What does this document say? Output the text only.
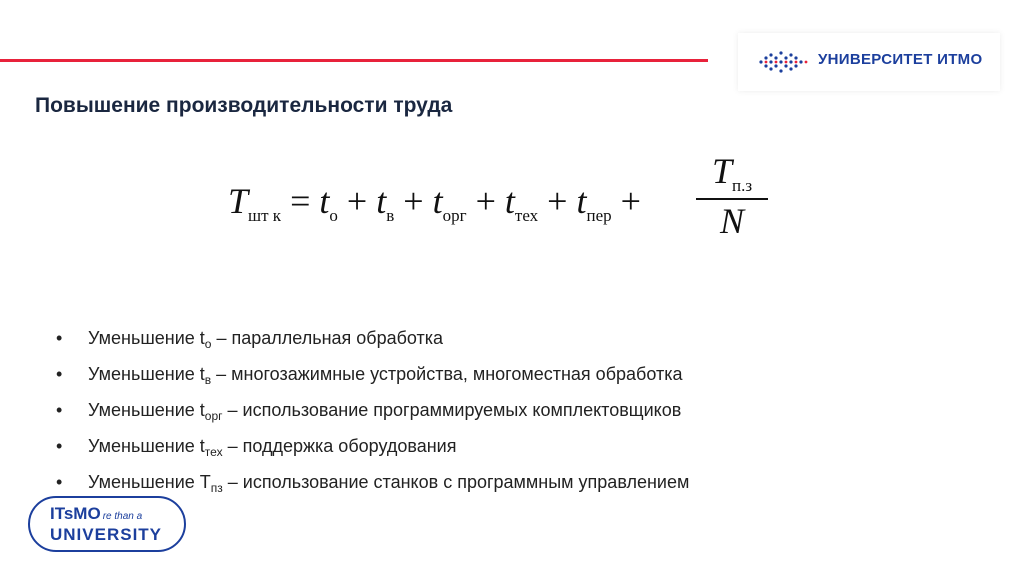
УНИВЕРСИТЕТ ИТМО
Повышение производительности труда
$T_{шт к} = t_о + t_в + t_{орг} + t_{тех} + t_{пер}$ +
$T_{п.з}$
N
• Уменьшение $t_о$ – параллельная обработка
• Уменьшение $t_в$ – многозажимные устройства, многоместная обработка
• Уменьшение $t_{орг}$ – использование программируемых комплектовщиков
• Уменьшение $t_{тех}$ – поддержка оборудования
• Уменьшение $T_{пз}$ – использование станков с программным управлением
ITsMO re than a
UNIVERSITY
